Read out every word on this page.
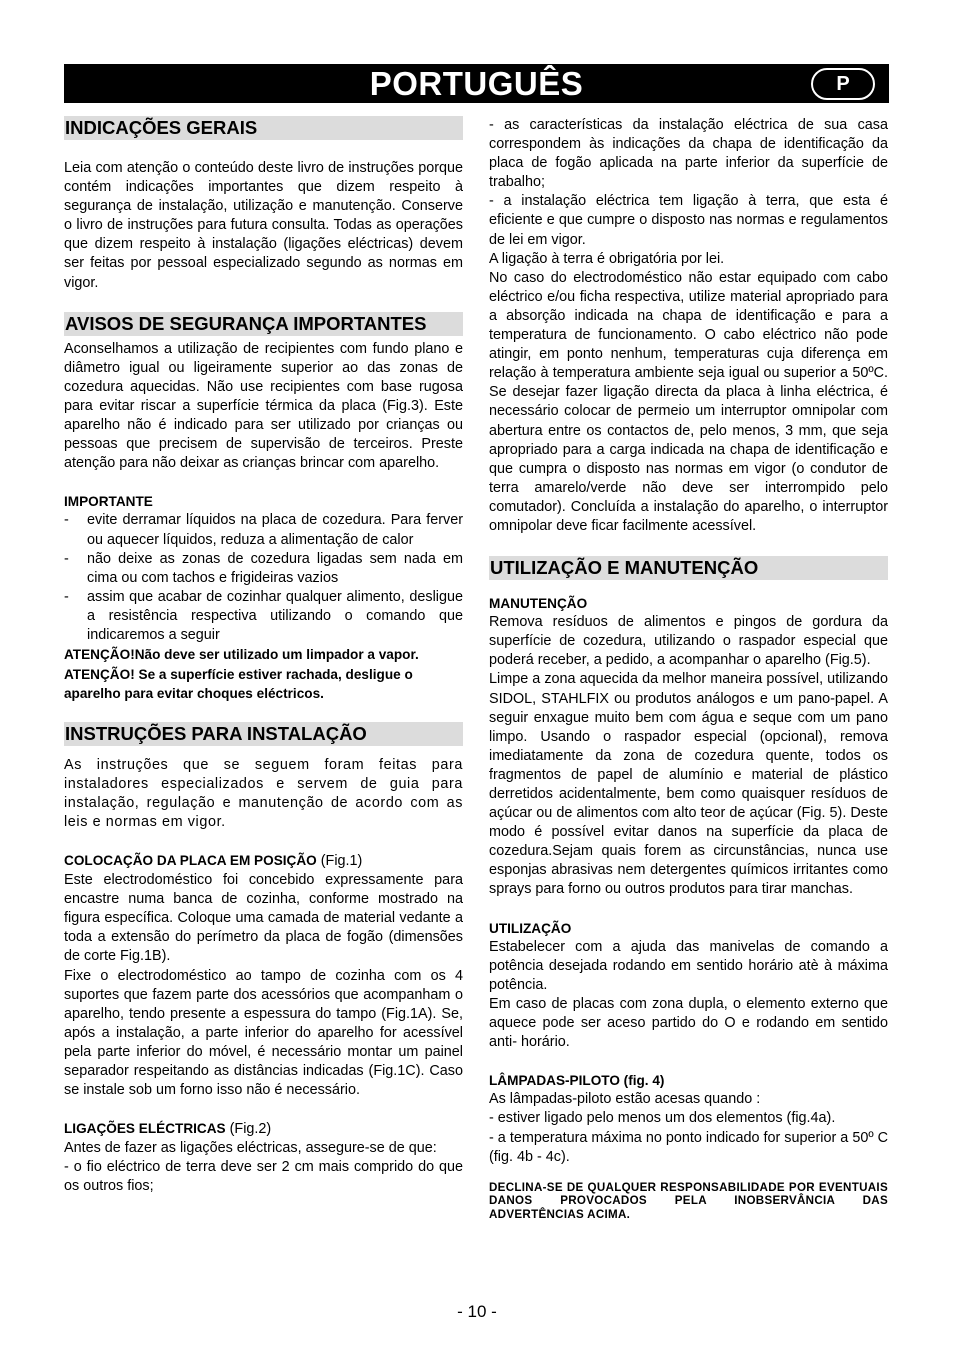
PORTUGUÊS	P
INDICAÇÕES GERAIS

Leia com atenção o conteúdo deste livro de instruções porque contém indicações importantes que dizem respeito à segurança de instalação, utilização e manutenção. Conserve o livro de instruções para futura consulta. Todas as operações que dizem respeito à instalação (ligações eléctricas) devem ser feitas por pessoal especializado segundo as normas em vigor.

AVISOS DE SEGURANÇA IMPORTANTES

Aconselhamos a utilização de recipientes com fundo plano e diâmetro igual ou ligeiramente superior ao das zonas de cozedura aquecidas. Não use recipientes com base rugosa para evitar riscar a superfície térmica da placa (Fig.3). Este aparelho não é indicado para ser utilizado por crianças ou pessoas que precisem de supervisão de terceiros. Preste atenção para não deixar as crianças brincar com aparelho.

IMPORTANTE
- evite derramar líquidos na placa de cozedura. Para ferver ou aquecer líquidos, reduza a alimentação de calor
- não deixe as zonas de cozedura ligadas sem nada em cima ou com tachos e frigideiras vazios
- assim que acabar de cozinhar qualquer alimento, desligue a resistência respectiva utilizando o comando que indicaremos a seguir
ATENÇÃO!Não deve ser utilizado um limpador a vapor.
ATENÇÃO! Se a superfície estiver rachada, desligue o aparelho para evitar choques eléctricos.
INSTRUÇÕES PARA INSTALAÇÃO

As instruções que se seguem foram feitas para instaladores especializados e servem de guia para instalação, regulação e manutenção de acordo com as leis e normas em vigor.

COLOCAÇÃO DA PLACA EM POSIÇÃO (Fig.1)

Este electrodoméstico foi concebido expressamente para encastre numa banca de cozinha, conforme mostrado na figura específica. Coloque uma camada de material vedante a toda a extensão do perímetro da placa de fogão (dimensões de corte Fig.1B).

Fixe o electrodoméstico ao tampo de cozinha com os 4 suportes que fazem parte dos acessórios que acompanham o aparelho, tendo presente a espessura do tampo (Fig.1A). Se, após a instalação, a parte inferior do aparelho for acessível pela parte inferior do móvel, é necessário montar um painel separador respeitando as distâncias indicadas (Fig.1C). Caso se instale sob um forno isso não é necessário.

LIGAÇÕES ELÉCTRICAS (Fig.2)

Antes de fazer as ligações eléctricas, assegure-se de que:

- o fio eléctrico de terra deve ser 2 cm mais comprido do que os outros fios;

- as características da instalação eléctrica de sua casa correspondem às indicações da chapa de identificação da placa de fogão aplicada na parte inferior da superfície de trabalho;

- a instalação eléctrica tem ligação à terra, que esta é eficiente e que cumpre o disposto nas normas e regulamentos de lei em vigor.

A ligação à terra é obrigatória por lei.

No caso do electrodoméstico não estar equipado com cabo eléctrico e/ou ficha respectiva, utilize material apropriado para a absorção indicada na chapa de identificação e para a temperatura de funcionamento. O cabo eléctrico não pode atingir, em ponto nenhum, temperaturas cuja diferença em relação à temperatura ambiente seja igual ou superior a 50ºC. Se desejar fazer ligação directa da placa à linha eléctrica, é necessário colocar de permeio um interruptor omnipolar com abertura entre os contactos de, pelo menos, 3 mm, que seja apropriado para a carga indicada na chapa de identificação e que cumpra o disposto nas normas em vigor (o condutor de terra amarelo/verde não deve ser interrompido pelo comutador). Concluída a instalação do aparelho, o interruptor omnipolar deve ficar facilmente acessível.

UTILIZAÇÃO E MANUTENÇÃO
MANUTENÇÃO

Remova resíduos de alimentos e pingos de gordura da superfície de cozedura, utilizando o raspador especial que poderá receber, a pedido, a acompanhar o aparelho (Fig.5).

Limpe a zona aquecida da melhor maneira possível, utilizando SIDOL, STAHLFIX ou produtos análogos e um pano-papel. A seguir enxague muito bem com água e seque com um pano limpo. Usando o raspador especial (opcional), remova imediatamente da zona de cozedura quente, todos os fragmentos de papel de alumínio e material de plástico derretidos acidentalmente, bem como quaisquer resíduos de açúcar ou de alimentos com alto teor de açúcar (Fig. 5). Deste modo é possível evitar danos na superfície da placa de cozedura.Sejam quais forem as circunstâncias, nunca use esponjas abrasivas nem detergentes químicos irritantes como sprays para forno ou outros produtos para tirar manchas.

UTILIZAÇÃO

Estabelecer com a ajuda das manivelas de comando a potência desejada rodando em sentido horário atè à máxima potência.

Em caso de placas com zona dupla, o elemento externo que aquece pode ser aceso partido do O e rodando em sentido anti- horário.

LÂMPADAS-PILOTO (fig. 4)

As lâmpadas-piloto estão acesas quando :

- estiver ligado pelo menos um dos elementos (fig.4a).

- a temperatura máxima no ponto indicado for superior a 50º C (fig. 4b - 4c).

DECLINA-SE DE QUALQUER RESPONSABILIDADE POR EVENTUAIS DANOS PROVOCADOS PELA INOBSERVÂNCIA DAS ADVERTÊNCIAS ACIMA.
- 10 -
